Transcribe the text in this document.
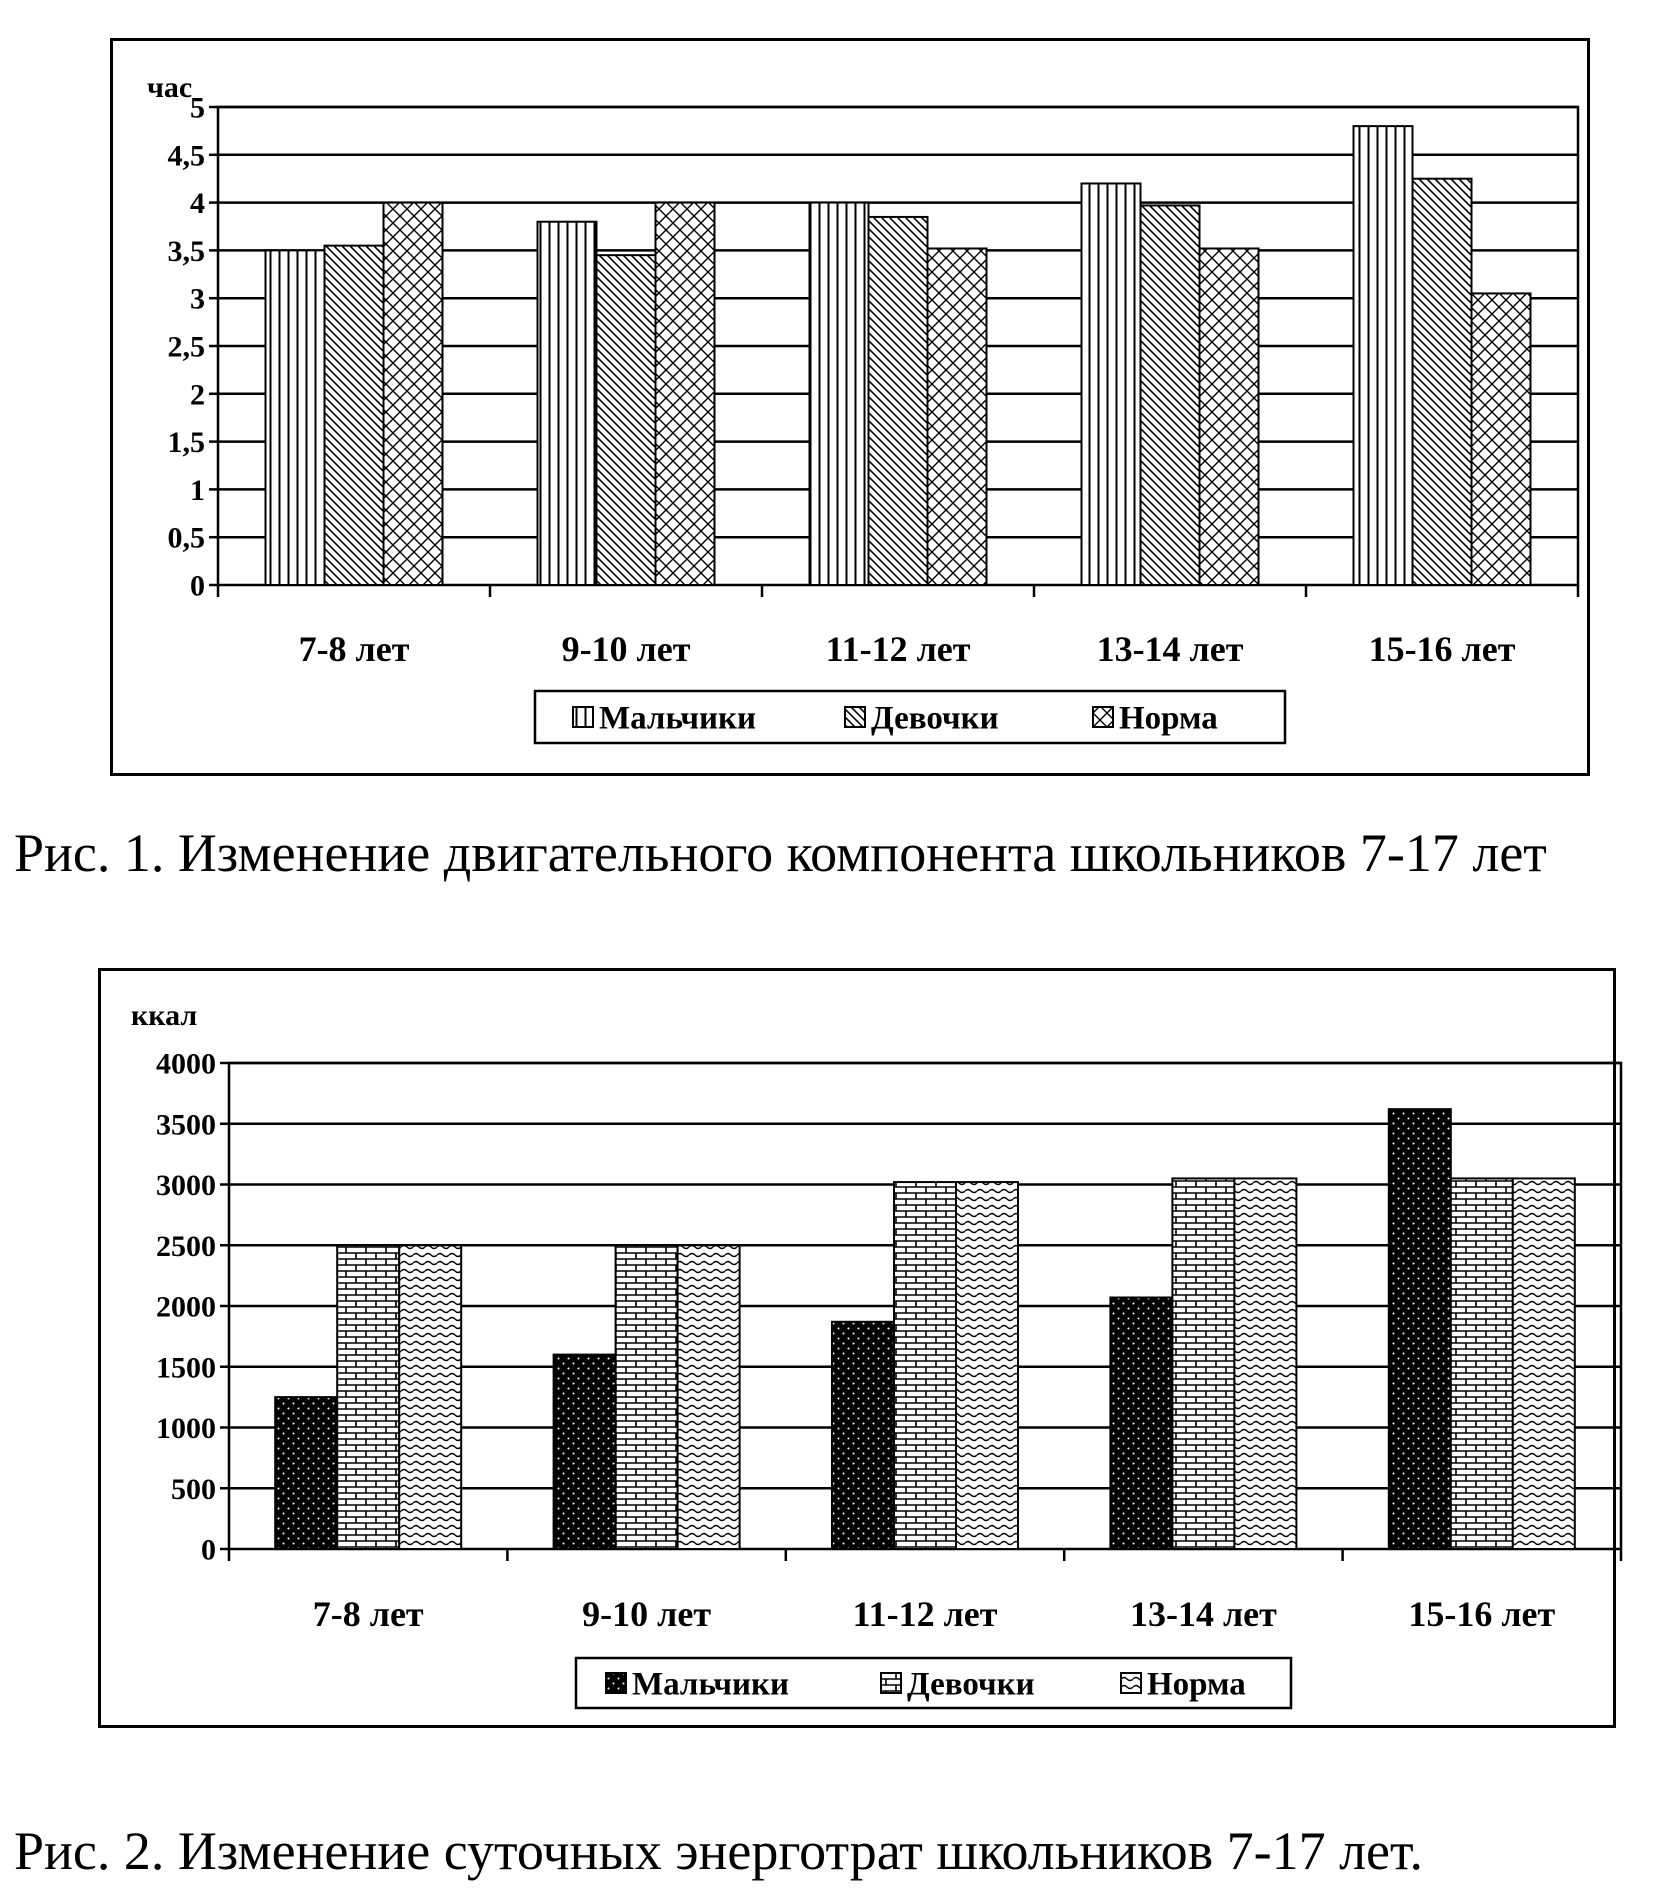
0
0,5
1
1,5
2
2,5
3
3,5
4
4,5
5
час
7-8 лет	9-10 лет	11-12 лет	13-14 лет	15-16 лет
Мальчики	Девочки	Норма
Рис. 1. Изменение двигательного компонента школьников 7-17 лет
0
500
1000
1500
2000
2500
3000
3500
4000
ккал
7-8 лет	9-10 лет	11-12 лет	13-14 лет	15-16 лет
Мальчики	Девочки	Норма
Рис. 2. Изменение суточных энерготрат школьников 7-17 лет.
